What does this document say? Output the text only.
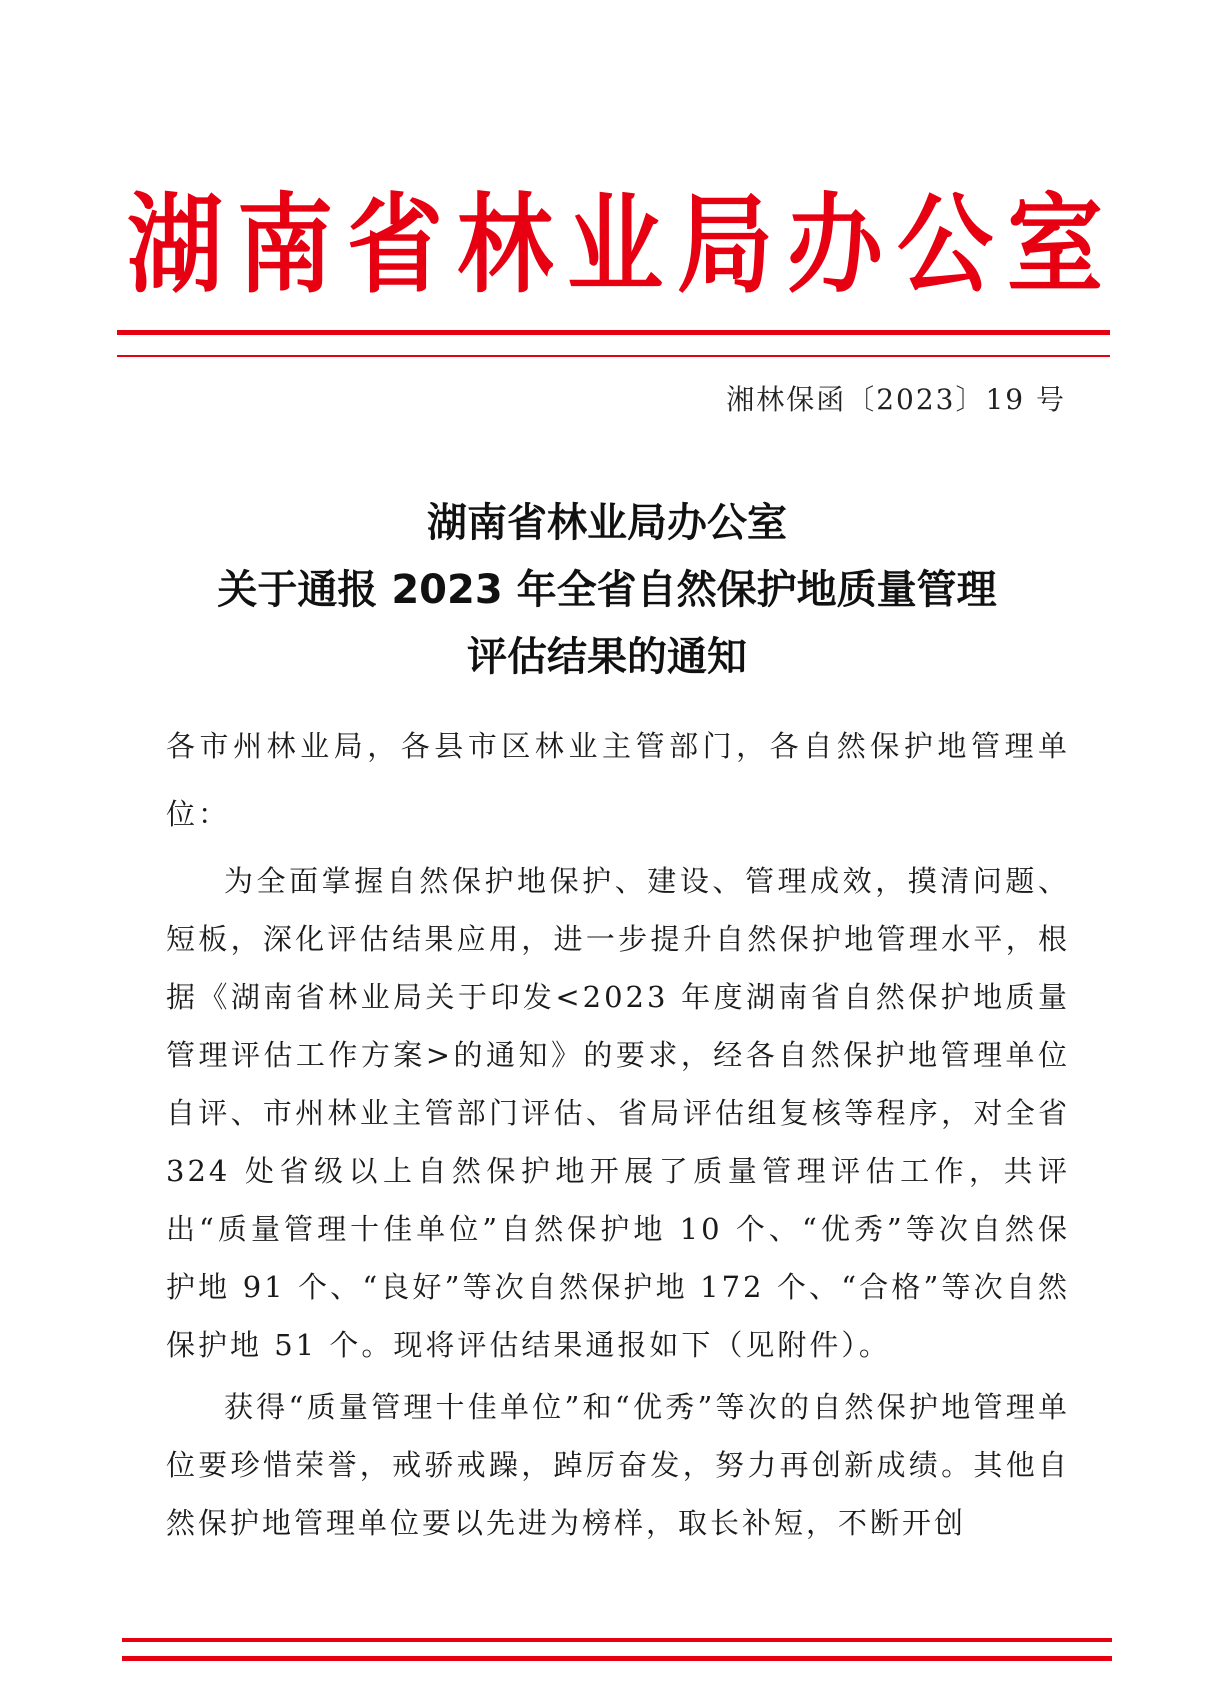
湖 南 省 林 业 局 办 公 室

湘林保函〔2023〕19 号

湖南省林业局办公室
关于通报 2023 年全省自然保护地质量管理
评估结果的通知

各市州林业局，各县市区林业主管部门，各自然保护地管理单位：

为全面掌握自然保护地保护、建设、管理成效，摸清问题、短板，深化评估结果应用，进一步提升自然保护地管理水平，根据《湖南省林业局关于印发<2023 年度湖南省自然保护地质量管理评估工作方案>的通知》的要求，经各自然保护地管理单位自评、市州林业主管部门评估、省局评估组复核等程序，对全省 324 处省级以上自然保护地开展了质量管理评估工作，共评出“质量管理十佳单位”自然保护地 10 个、“优秀”等次自然保护地 91 个、“良好”等次自然保护地 172 个、“合格”等次自然保护地 51 个。现将评估结果通报如下（见附件）。

获得“质量管理十佳单位”和“优秀”等次的自然保护地管理单位要珍惜荣誉，戒骄戒躁，踔厉奋发，努力再创新成绩。其他自然保护地管理单位要以先进为榜样，取长补短，不断开创
